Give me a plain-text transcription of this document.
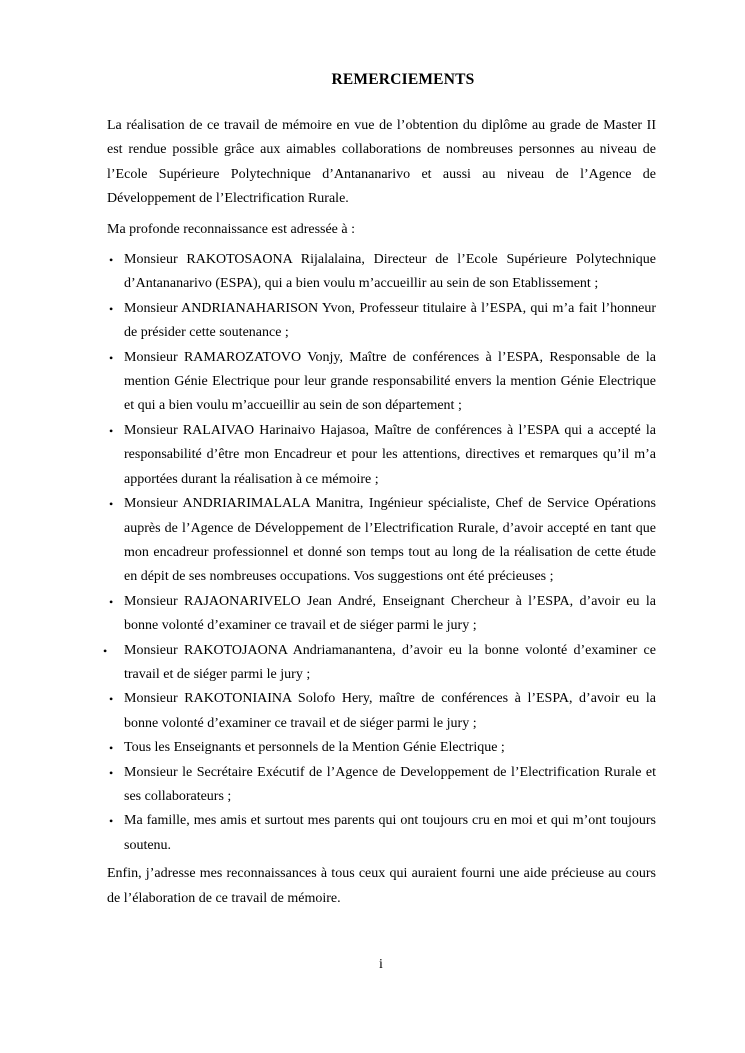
REMERCIEMENTS

La réalisation de ce travail de mémoire en vue de l’obtention du diplôme au grade de Master II est rendue possible grâce aux aimables collaborations de nombreuses personnes au niveau de l’Ecole Supérieure Polytechnique d’Antananarivo et aussi au niveau de l’Agence de Développement de l’Electrification Rurale.

Ma profonde reconnaissance est adressée à :

• Monsieur RAKOTOSAONA Rijalalaina, Directeur de l’Ecole Supérieure Polytechnique d’Antananarivo (ESPA), qui a bien voulu m’accueillir au sein de son Etablissement ;
• Monsieur ANDRIANAHARISON Yvon, Professeur titulaire à l’ESPA, qui m’a fait l’honneur de présider cette soutenance ;
• Monsieur RAMAROZATOVO Vonjy, Maître de conférences à l’ESPA, Responsable de la mention Génie Electrique pour leur grande responsabilité envers la mention Génie Electrique et qui a bien voulu m’accueillir au sein de son département ;
• Monsieur RALAIVAO Harinaivo Hajasoa, Maître de conférences à l’ESPA qui a accepté la responsabilité d’être mon Encadreur et pour les attentions, directives et remarques qu’il m’a apportées durant la réalisation à ce mémoire ;
• Monsieur ANDRIARIMALALA Manitra, Ingénieur spécialiste, Chef de Service Opérations auprès de l’Agence de Développement de l’Electrification Rurale, d’avoir accepté en tant que mon encadreur professionnel et donné son temps tout au long de la réalisation de cette étude en dépit de ses nombreuses occupations. Vos suggestions ont été précieuses ;
• Monsieur RAJAONARIVELO Jean André, Enseignant Chercheur à l’ESPA, d’avoir eu la bonne volonté d’examiner ce travail et de siéger parmi le jury ;
• Monsieur RAKOTOJAONA Andriamanantena, d’avoir eu la bonne volonté d’examiner ce travail et de siéger parmi le jury ;
• Monsieur RAKOTONIAINA Solofo Hery, maître de conférences à l’ESPA, d’avoir eu la bonne volonté d’examiner ce travail et de siéger parmi le jury ;
• Tous les Enseignants et personnels de la Mention Génie Electrique ;
• Monsieur le Secrétaire Exécutif de l’Agence de Developpement de l’Electrification Rurale et ses collaborateurs ;
• Ma famille, mes amis et surtout mes parents qui ont toujours cru en moi et qui m’ont toujours soutenu.

Enfin, j’adresse mes reconnaissances à tous ceux qui auraient fourni une aide précieuse au cours de l’élaboration de ce travail de mémoire.

i
